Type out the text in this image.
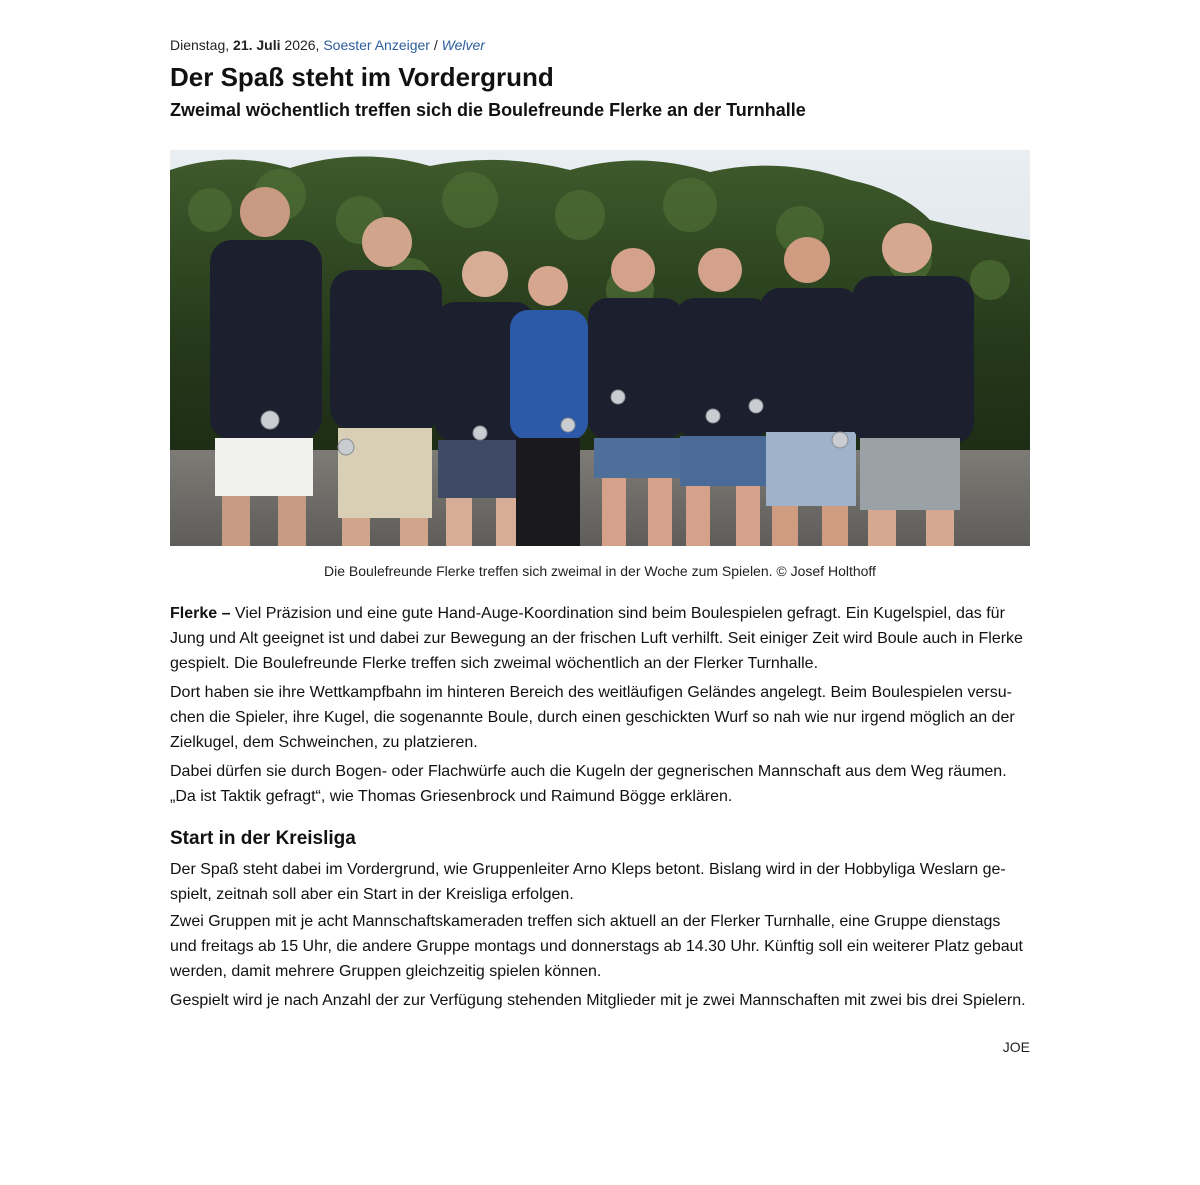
Dienstag, 21. Juli 2026, Soester Anzeiger / Welver
Der Spaß steht im Vordergrund
Zweimal wöchentlich treffen sich die Boulefreunde Flerke an der Turnhalle
Die Boulefreunde Flerke treffen sich zweimal in der Woche zum Spielen. © Josef Holthoff

Flerke – Viel Präzision und eine gute Hand-Auge-Koordination sind beim Boulespielen gefragt. Ein Kugelspiel, das für Jung und Alt geeignet ist und dabei zur Bewegung an der frischen Luft verhilft. Seit einiger Zeit wird Boule auch in Flerke gespielt. Die Boulefreunde Flerke treffen sich zweimal wöchentlich an der Flerker Turnhalle.

Dort haben sie ihre Wettkampfbahn im hinteren Bereich des weitläufigen Geländes angelegt. Beim Boulespielen versuchen die Spieler, ihre Kugel, die sogenannte Boule, durch einen geschickten Wurf so nah wie nur irgend möglich an der Zielkugel, dem Schweinchen, zu platzieren.

Dabei dürfen sie durch Bogen- oder Flachwürfe auch die Kugeln der gegnerischen Mannschaft aus dem Weg räumen. „Da ist Taktik gefragt“, wie Thomas Griesenbrock und Raimund Bögge erklären.

Start in der Kreisliga

Der Spaß steht dabei im Vordergrund, wie Gruppenleiter Arno Kleps betont. Bislang wird in der Hobbyliga Weslarn gespielt, zeitnah soll aber ein Start in der Kreisliga erfolgen.

Zwei Gruppen mit je acht Mannschaftskameraden treffen sich aktuell an der Flerker Turnhalle, eine Gruppe dienstags und freitags ab 15 Uhr, die andere Gruppe montags und donnerstags ab 14.30 Uhr. Künftig soll ein weiterer Platz gebaut werden, damit mehrere Gruppen gleichzeitig spielen können.

Gespielt wird je nach Anzahl der zur Verfügung stehenden Mitglieder mit je zwei Mannschaften mit zwei bis drei Spielern.

JOE
